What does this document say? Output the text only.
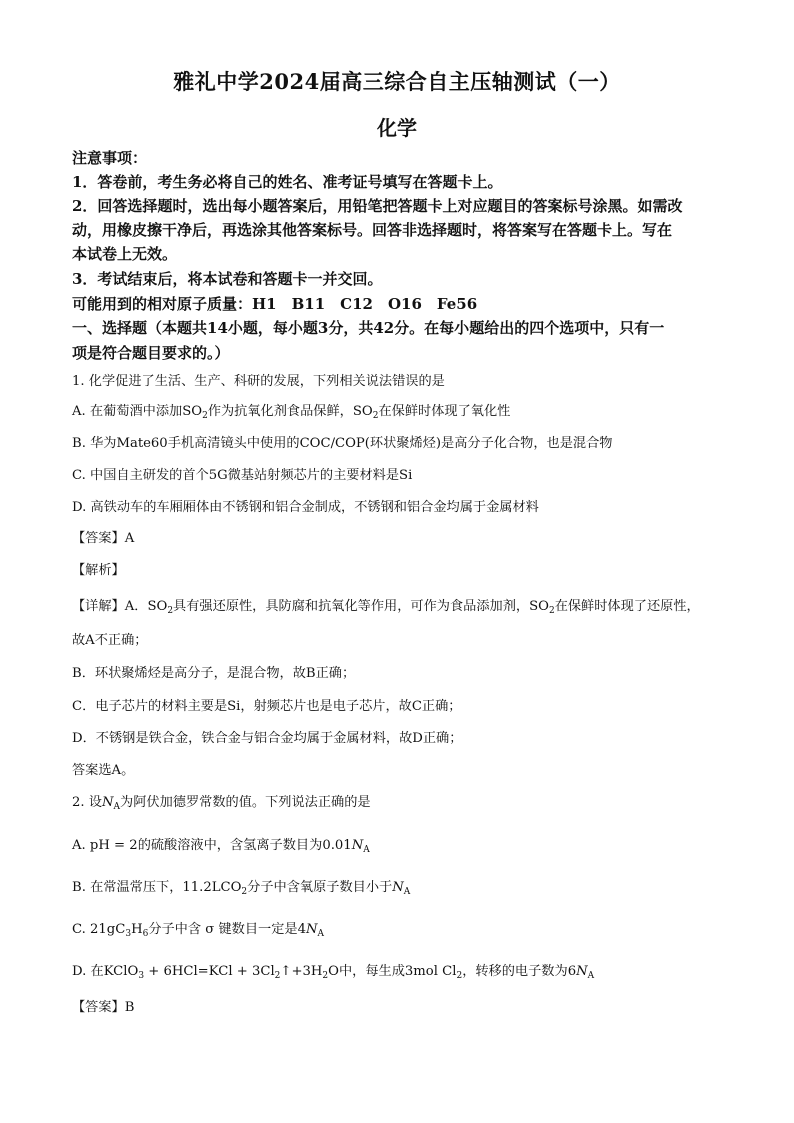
雅礼中学2024届高三综合自主压轴测试（一）
化学
注意事项：
1．答卷前，考生务必将自己的姓名、准考证号填写在答题卡上。
2．回答选择题时，选出每小题答案后，用铅笔把答题卡上对应题目的答案标号涂黑。如需改
动，用橡皮擦干净后，再选涂其他答案标号。回答非选择题时，将答案写在答题卡上。写在
本试卷上无效。
3．考试结束后，将本试卷和答题卡一并交回。
可能用到的相对原子质量：H1　B11　C12　O16　Fe56
一、选择题（本题共14小题，每小题3分，共42分。在每小题给出的四个选项中，只有一
项是符合题目要求的。）
1. 化学促进了生活、生产、科研的发展，下列相关说法错误的是
A. 在葡萄酒中添加$SO_2$作为抗氧化剂食品保鲜，$SO_2$在保鲜时体现了氧化性
B. 华为Mate60手机高清镜头中使用的COC/COP(环状聚烯烃)是高分子化合物，也是混合物
C. 中国自主研发的首个5G微基站射频芯片的主要材料是Si
D. 高铁动车的车厢厢体由不锈钢和铝合金制成，不锈钢和铝合金均属于金属材料
【答案】A
【解析】
【详解】A．$SO_2$具有强还原性，具防腐和抗氧化等作用，可作为食品添加剂，$SO_2$在保鲜时体现了还原性，
故A不正确；
B．环状聚烯烃是高分子，是混合物，故B正确；
C．电子芯片的材料主要是Si，射频芯片也是电子芯片，故C正确；
D．不锈钢是铁合金，铁合金与铝合金均属于金属材料，故D正确；
答案选A。
2. 设$N_A$为阿伏加德罗常数的值。下列说法正确的是
A. pH = 2的硫酸溶液中，含氢离子数目为$0.01N_A$
B. 在常温常压下，$11.2LCO_2$分子中含氧原子数目小于$N_A$
C. $21gC_3H_6$分子中含 σ 键数目一定是$4N_A$
D. 在KClO$_3$ + $6HCl=KCl + 3Cl_2↑+3H_2O$中，每生成3mol $Cl_2$，转移的电子数为$6N_A$
【答案】B
